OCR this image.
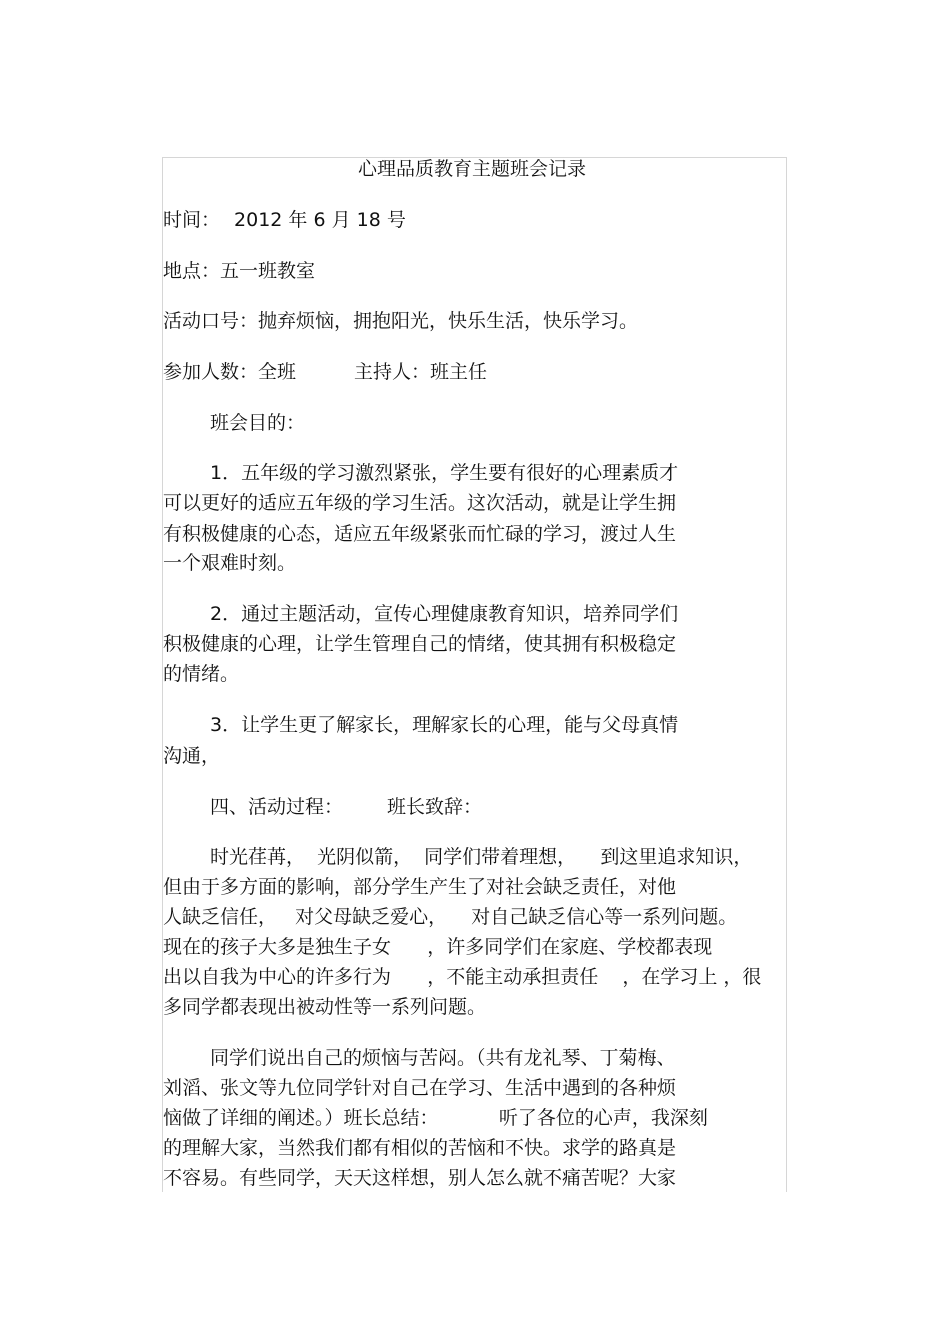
心理品质教育主题班会记录
时间： 2012 年 6 月 18 号
地点：五一班教室
活动口号：抛弃烦恼，拥抱阳光，快乐生活，快乐学习。
参加人数：全班	主持人：班主任
班会目的：
1．五年级的学习激烈紧张，学生要有很好的心理素质才
可以更好的适应五年级的学习生活。这次活动，就是让学生拥
有积极健康的心态，适应五年级紧张而忙碌的学习，渡过人生
一个艰难时刻。
2．通过主题活动，宣传心理健康教育知识，培养同学们
积极健康的心理，让学生管理自己的情绪，使其拥有积极稳定
的情绪。
3．让学生更了解家长，理解家长的心理，能与父母真情
沟通，
四、活动过程： 班长致辞：
时光荏苒，  光阴似箭，  同学们带着理想，    到这里追求知识，
但由于多方面的影响，部分学生产生了对社会缺乏责任，对他
人缺乏信任，   对父母缺乏爱心，    对自己缺乏信心等一系列问题。
现在的孩子大多是独生子女      ，许多同学们在家庭、学校都表现
出以自我为中心的许多行为      ，不能主动承担责任    ，在学习上 ，很
多同学都表现出被动性等一系列问题。
同学们说出自己的烦恼与苦闷。（共有龙礼琴、丁菊梅、
刘滔、张文等九位同学针对自己在学习、生活中遇到的各种烦
恼做了详细的阐述。）班长总结：          听了各位的心声，我深刻
的理解大家，当然我们都有相似的苦恼和不快。求学的路真是
不容易。有些同学，天天这样想，别人怎么就不痛苦呢？大家
